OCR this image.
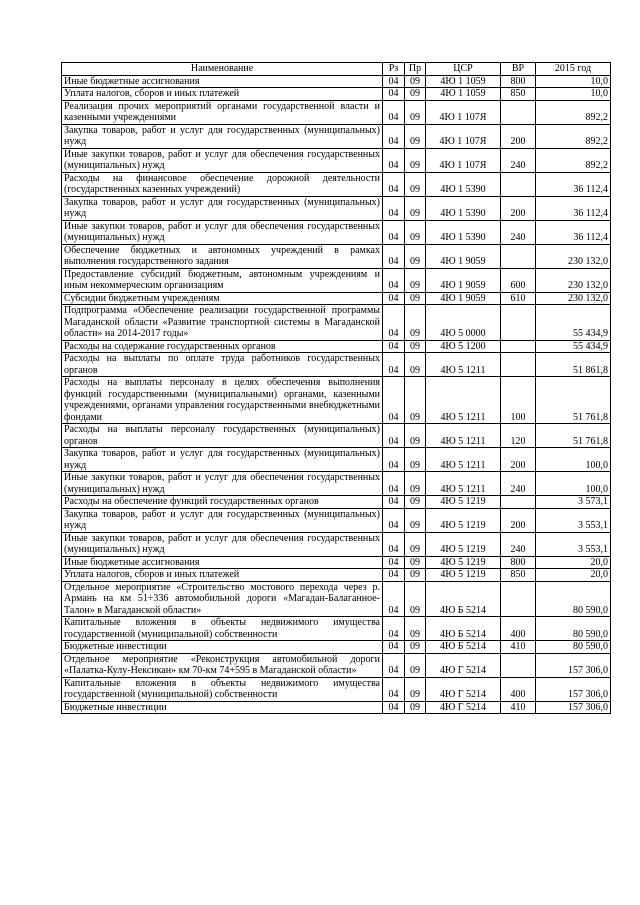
Наименование	Рз	Пр	ЦСР	ВР	2015 год
Иные бюджетные ассигнования	04	09	4Ю 1 1059	800	10,0
Уплата налогов, сборов и иных платежей	04	09	4Ю 1 1059	850	10,0
Реализация прочих мероприятий органами государственной власти и казенными учреждениями	04	09	4Ю 1 107Я		892,2
Закупка товаров, работ и услуг для государственных (муниципальных) нужд	04	09	4Ю 1 107Я	200	892,2
Иные закупки товаров, работ и услуг для обеспечения государственных (муниципальных) нужд	04	09	4Ю 1 107Я	240	892,2
Расходы на финансовое обеспечение дорожной деятельности (государственных казенных учреждений)	04	09	4Ю 1 5390		36 112,4
Закупка товаров, работ и услуг для государственных (муниципальных) нужд	04	09	4Ю 1 5390	200	36 112,4
Иные закупки товаров, работ и услуг для обеспечения государственных (муниципальных) нужд	04	09	4Ю 1 5390	240	36 112,4
Обеспечение бюджетных и автономных учреждений в рамках выполнения государственного задания	04	09	4Ю 1 9059		230 132,0
Предоставление субсидий бюджетным, автономным учреждениям и иным некоммерческим организациям	04	09	4Ю 1 9059	600	230 132,0
Субсидии бюджетным учреждениям	04	09	4Ю 1 9059	610	230 132,0
Подпрограмма «Обеспечение реализации государственной программы Магаданской области «Развитие транспортной системы в Магаданской области» на 2014-2017 годы»	04	09	4Ю 5 0000		55 434,9
Расходы на содержание государственных органов	04	09	4Ю 5 1200		55 434,9
Расходы на выплаты по оплате труда работников государственных органов	04	09	4Ю 5 1211		51 861,8
Расходы на выплаты персоналу в целях обеспечения выполнения функций государственными (муниципальными) органами, казенными учреждениями, органами управления государственными внебюджетными фондами	04	09	4Ю 5 1211	100	51 761,8
Расходы на выплаты персоналу государственных (муниципальных) органов	04	09	4Ю 5 1211	120	51 761,8
Закупка товаров, работ и услуг для государственных (муниципальных) нужд	04	09	4Ю 5 1211	200	100,0
Иные закупки товаров, работ и услуг для обеспечения государственных (муниципальных) нужд	04	09	4Ю 5 1211	240	100,0
Расходы на обеспечение функций государственных органов	04	09	4Ю 5 1219		3 573,1
Закупка товаров, работ и услуг для государственных (муниципальных) нужд	04	09	4Ю 5 1219	200	3 553,1
Иные закупки товаров, работ и услуг для обеспечения государственных (муниципальных) нужд	04	09	4Ю 5 1219	240	3 553,1
Иные бюджетные ассигнования	04	09	4Ю 5 1219	800	20,0
Уплата налогов, сборов и иных платежей	04	09	4Ю 5 1219	850	20,0
Отдельное мероприятие «Строительство мостового перехода через р. Армань на км 51÷336 автомобильной дороги «Магадан-Балаганное-Талон» в Магаданской области»	04	09	4Ю Б 5214		80 590,0
Капитальные вложения в объекты недвижимого имущества государственной (муниципальной) собственности	04	09	4Ю Б 5214	400	80 590,0
Бюджетные инвестиции	04	09	4Ю Б 5214	410	80 590,0
Отдельное мероприятие «Реконструкция автомобильной дороги «Палатка-Кулу-Нексикан» км 70-км 74+595 в Магаданской области»	04	09	4Ю Г 5214		157 306,0
Капитальные вложения в объекты недвижимого имущества государственной (муниципальной) собственности	04	09	4Ю Г 5214	400	157 306,0
Бюджетные инвестиции	04	09	4Ю Г 5214	410	157 306,0
